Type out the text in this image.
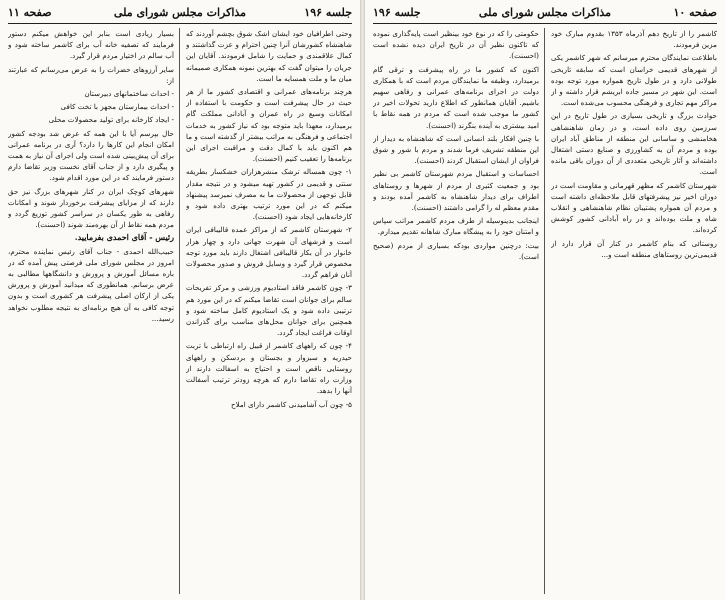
جلسه ۱۹۶
مذاکرات مجلس شورای ملی
صفحه ۱۱

وحتی اطرافیان خود ایشان اشک شوق بچشم آوردند که شاهنشاه کشورشان آنرا چنین احترام و عزت گذاشتند و کمال علاقمندی و حمایت را شامل فرمودند. آقایان این جریان را میتوان گفت که بهترین نمونه همکاری صمیمانه میان ما و ملت همسایه ما است.

هرچند برنامه‌های عمرانی و اقتصادی کشور ما از هر حیث در حال پیشرفت است و حکومت با استفاده از امکانات وسیع در راه عمران و آبادانی مملکت گام برمیدارد، معهذا باید متوجه بود که نیاز کشور به خدمات اجتماعی و فرهنگی به مراتب بیشتر از گذشته است و ما هم اکنون باید با کمال دقت و مراقبت اجرای این برنامه‌ها را تعقیب کنیم (احسنت).

۱- چون همساله ترشک منشرهزاران خشکسار بطریقه سنتی و قدیمی در کشور تهیه میشود و در نتیجه مقدار قابل توجهی از محصولات ما به مصرف نمیرسد پیشنهاد میکنم که در این مورد ترتیب بهتری داده شود و کارخانه‌هایی ایجاد شود (احسنت).

۲- شهرستان کاشمر که از مراکز عمده قالیبافی ایران است و فرشهای آن شهرت جهانی دارد و چهار هزار خانوار در آن بکار قالیبافی اشتغال دارند باید مورد توجه مخصوص قرار گیرد و وسایل فروش و صدور محصولات آنان فراهم گردد.

۳- چون کاشمر فاقد استادیوم ورزشی و مرکز تفریحات سالم برای جوانان است تقاضا میکنم که در این مورد هم ترتیبی داده شود و یک استادیوم کامل ساخته شود و همچنین برای جوانان محل‌های مناسب برای گذراندن اوقات فراغت ایجاد گردد.

۴- چون که راههای کاشمر از قبیل راه ارتباطی با تربت حیدریه و سبزوار و بجستان و بردسکن و راههای روستایی ناقص است و احتیاج به اسفالت دارند از وزارت راه تقاضا دارم که هرچه زودتر ترتیب آسفالت آنها را بدهد.

۵- چون آب آشامیدنی کاشمر دارای املاح

بسیار زیادی است بنابر این خواهش میکنم دستور فرمایند که تصفیه خانه آب برای کاشمر ساخته شود و آب سالم در اختیار مردم قرار گیرد.

سایر آرزوهای حضرات را به عرض می‌رسانم که عبارتند از:

- احداث ساختمانهای دبیرستان

- احداث بیمارستان مجهز با تخت کافی

- ایجاد کارخانه برای تولید محصولات محلی

حال بپرسم آیا با این همه که عرض شد بودجه کشور امکان انجام این کارها را دارد؟ آری در برنامه عمرانی برای آن پیش‌بینی شده است ولی اجرای آن نیاز به همت و پیگیری دارد و از جناب آقای نخست وزیر تقاضا دارم دستور فرمایند که در این مورد اقدام شود.

شهرهای کوچک ایران در کنار شهرهای بزرگ نیز حق دارند که از مزایای پیشرفت برخوردار شوند و امکانات رفاهی به طور یکسان در سراسر کشور توزیع گردد و مردم همه نقاط از آن بهره‌مند شوند (احسنت).

رئیس - آقای احمدی بفرمایید.

حبیب‌الله احمدی - جناب آقای رئیس نماینده محترم، امروز در مجلس شورای ملی فرصتی پیش آمده که در باره مسائل آموزش و پرورش و دانشگاهها مطالبی به عرض برسانم. همانطوری که میدانید آموزش و پرورش یکی از ارکان اصلی پیشرفت هر کشوری است و بدون توجه کافی به آن هیچ برنامه‌ای به نتیجه مطلوب نخواهد رسید...

صفحه ۱۰
مذاکرات مجلس شورای ملی
جلسه ۱۹۶

کاشمر را از تاریخ دهم آذرماه ۱۳۵۳ بقدوم مبارک خود مزین فرمودند.

باطلاعت نمایندگان محترم میرسانم که شهر کاشمر یکی از شهرهای قدیمی خراسان است که سابقه تاریخی طولانی دارد و در طول تاریخ همواره مورد توجه بوده است. این شهر در مسیر جاده ابریشم قرار داشته و از مراکز مهم تجاری و فرهنگی محسوب می‌شده است.

حوادث بزرگ و تاریخی بسیاری در طول تاریخ در این سرزمین روی داده است، و در زمان شاهنشاهی هخامنشی و ساسانی این منطقه از مناطق آباد ایران بوده و مردم آن به کشاورزی و صنایع دستی اشتغال داشته‌اند و آثار تاریخی متعددی از آن دوران باقی مانده است.

شهرستان کاشمر که مظهر قهرمانی و مقاومت است در دوران اخیر نیز پیشرفتهای قابل ملاحظه‌ای داشته است و مردم آن همواره پشتیبان نظام شاهنشاهی و انقلاب شاه و ملت بوده‌اند و در راه آبادانی کشور کوشش کرده‌اند.

روستائی که بنام کاشمر در کنار آن قرار دارد از قدیمی‌ترین روستاهای منطقه است و...

حکومتی را که در نوع خود بینظیر است پایه‌گذاری نموده که تاکنون نظیر آن در تاریخ ایران دیده نشده است (احسنت).

اکنون که کشور ما در راه پیشرفت و ترقی گام برمیدارد، وظیفه ما نمایندگان مردم است که با همکاری دولت در اجرای برنامه‌های عمرانی و رفاهی سهیم باشیم. آقایان همانطور که اطلاع دارید تحولات اخیر در کشور ما موجب شده است که مردم در همه نقاط با امید بیشتری به آینده بنگرند (احسنت).

با چنین افکار بلند انسانی است که شاهنشاه به دیدار از این منطقه تشریف فرما شدند و مردم با شور و شوق فراوان از ایشان استقبال کردند (احسنت).

احساسات و استقبال مردم شهرستان کاشمر بی نظیر بود و جمعیت کثیری از مردم از شهرها و روستاهای اطراف برای دیدار شاهنشاه به کاشمر آمده بودند و مقدم معظم له را گرامی داشتند (احسنت).

اینجانب بدینوسیله از طرف مردم کاشمر مراتب سپاس و امتنان خود را به پیشگاه مبارک شاهانه تقدیم میدارم.

بیت: درچنین مواردی بودکه بسیار‌ی از مردم (صحیح است).
